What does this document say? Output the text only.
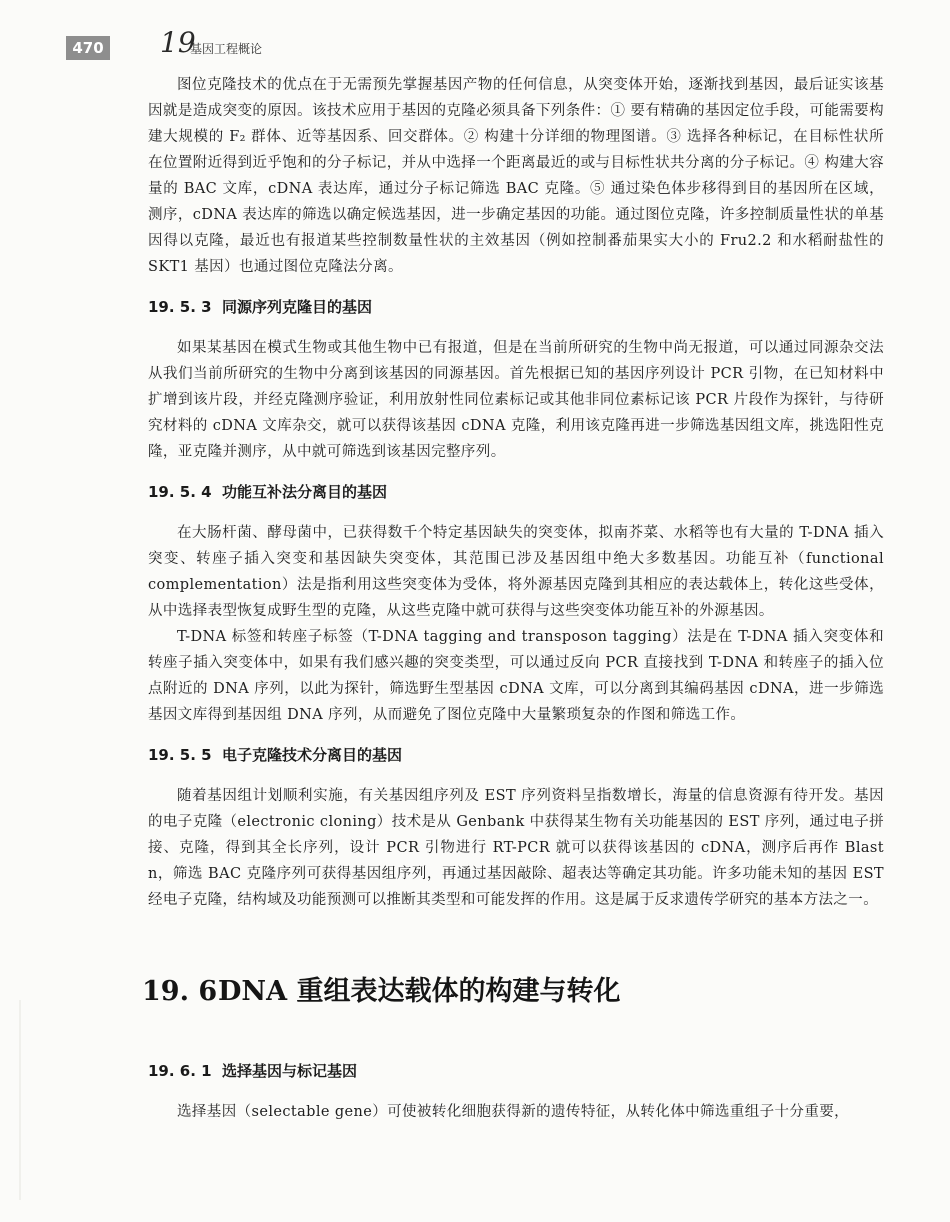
470 19
基因工程概论

图位克隆技术的优点在于无需预先掌握基因产物的任何信息，从突变体开始，逐渐找到基因，最后证实该基因就是造成突变的原因。该技术应用于基因的克隆必须具备下列条件：① 要有精确的基因定位手段，可能需要构建大规模的 F₂ 群体、近等基因系、回交群体。② 构建十分详细的物理图谱。③ 选择各种标记，在目标性状所在位置附近得到近乎饱和的分子标记，并从中选择一个距离最近的或与目标性状共分离的分子标记。④ 构建大容量的 BAC 文库，cDNA 表达库，通过分子标记筛选 BAC 克隆。⑤ 通过染色体步移得到目的基因所在区域，测序，cDNA 表达库的筛选以确定候选基因，进一步确定基因的功能。通过图位克隆，许多控制质量性状的单基因得以克隆，最近也有报道某些控制数量性状的主效基因（例如控制番茄果实大小的 Fru2.2 和水稻耐盐性的 SKT1 基因）也通过图位克隆法分离。

19. 5. 3 同源序列克隆目的基因

如果某基因在模式生物或其他生物中已有报道，但是在当前所研究的生物中尚无报道，可以通过同源杂交法从我们当前所研究的生物中分离到该基因的同源基因。首先根据已知的基因序列设计 PCR 引物，在已知材料中扩增到该片段，并经克隆测序验证，利用放射性同位素标记或其他非同位素标记该 PCR 片段作为探针，与待研究材料的 cDNA 文库杂交，就可以获得该基因 cDNA 克隆，利用该克隆再进一步筛选基因组文库，挑选阳性克隆，亚克隆并测序，从中就可筛选到该基因完整序列。

19. 5. 4 功能互补法分离目的基因

在大肠杆菌、酵母菌中，已获得数千个特定基因缺失的突变体，拟南芥菜、水稻等也有大量的 T-DNA 插入突变、转座子插入突变和基因缺失突变体，其范围已涉及基因组中绝大多数基因。功能互补（functional complementation）法是指利用这些突变体为受体，将外源基因克隆到其相应的表达载体上，转化这些受体，从中选择表型恢复成野生型的克隆，从这些克隆中就可获得与这些突变体功能互补的外源基因。

T-DNA 标签和转座子标签（T-DNA tagging and transposon tagging）法是在 T-DNA 插入突变体和转座子插入突变体中，如果有我们感兴趣的突变类型，可以通过反向 PCR 直接找到 T-DNA 和转座子的插入位点附近的 DNA 序列，以此为探针，筛选野生型基因 cDNA 文库，可以分离到其编码基因 cDNA，进一步筛选基因文库得到基因组 DNA 序列，从而避免了图位克隆中大量繁琐复杂的作图和筛选工作。

19. 5. 5 电子克隆技术分离目的基因

随着基因组计划顺利实施，有关基因组序列及 EST 序列资料呈指数增长，海量的信息资源有待开发。基因的电子克隆（electronic cloning）技术是从 Genbank 中获得某生物有关功能基因的 EST 序列，通过电子拼接、克隆，得到其全长序列，设计 PCR 引物进行 RT-PCR 就可以获得该基因的 cDNA，测序后再作 Blast n，筛选 BAC 克隆序列可获得基因组序列，再通过基因敲除、超表达等确定其功能。许多功能未知的基因 EST 经电子克隆，结构域及功能预测可以推断其类型和可能发挥的作用。这是属于反求遗传学研究的基本方法之一。

19. 6DNA 重组表达载体的构建与转化
19. 6. 1 选择基因与标记基因

选择基因（selectable gene）可使被转化细胞获得新的遗传特征，从转化体中筛选重组子十分重要，
